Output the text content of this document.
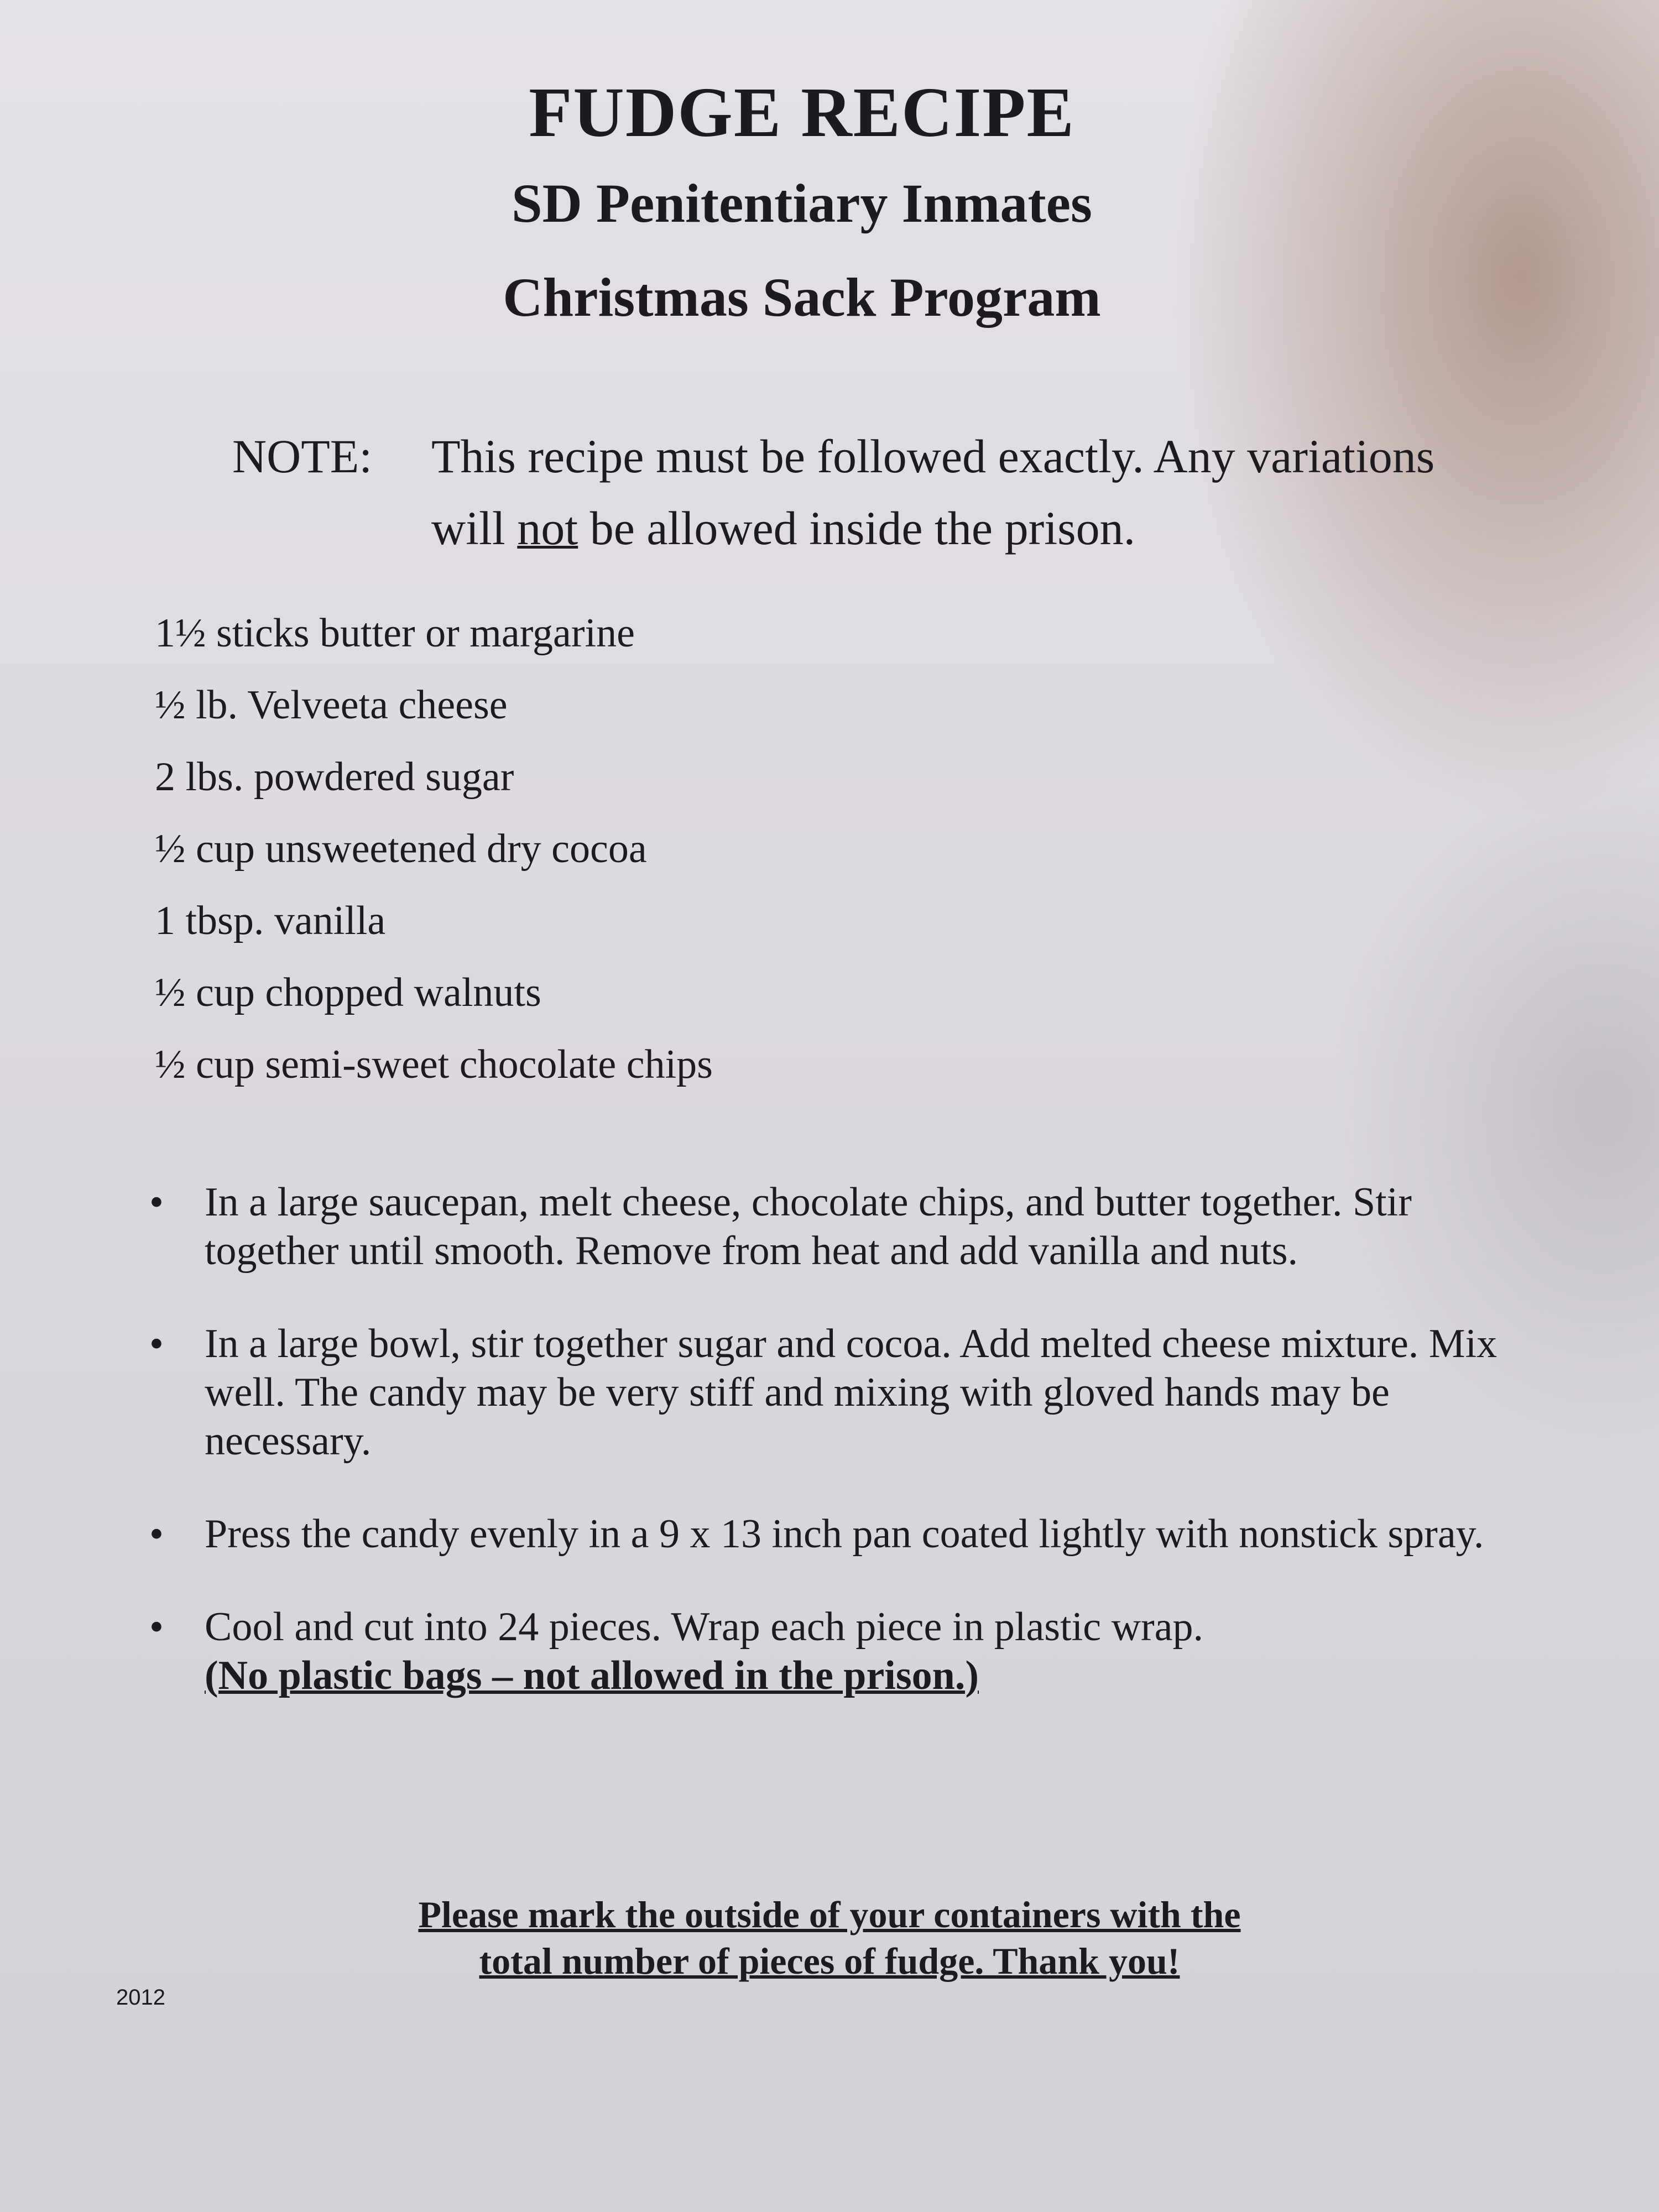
FUDGE RECIPE
SD Penitentiary Inmates
Christmas Sack Program
NOTE:	This recipe must be followed exactly. Any variations will not be allowed inside the prison.
1½ sticks butter or margarine
½ lb. Velveeta cheese
2 lbs. powdered sugar
½ cup unsweetened dry cocoa
1 tbsp. vanilla
½ cup chopped walnuts
½ cup semi-sweet chocolate chips
• In a large saucepan, melt cheese, chocolate chips, and butter together. Stir together until smooth. Remove from heat and add vanilla and nuts.
• In a large bowl, stir together sugar and cocoa. Add melted cheese mixture. Mix well. The candy may be very stiff and mixing with gloved hands may be necessary.
• Press the candy evenly in a 9 x 13 inch pan coated lightly with nonstick spray.
• Cool and cut into 24 pieces. Wrap each piece in plastic wrap.
(No plastic bags – not allowed in the prison.)
Please mark the outside of your containers with the total number of pieces of fudge. Thank you!
2012
